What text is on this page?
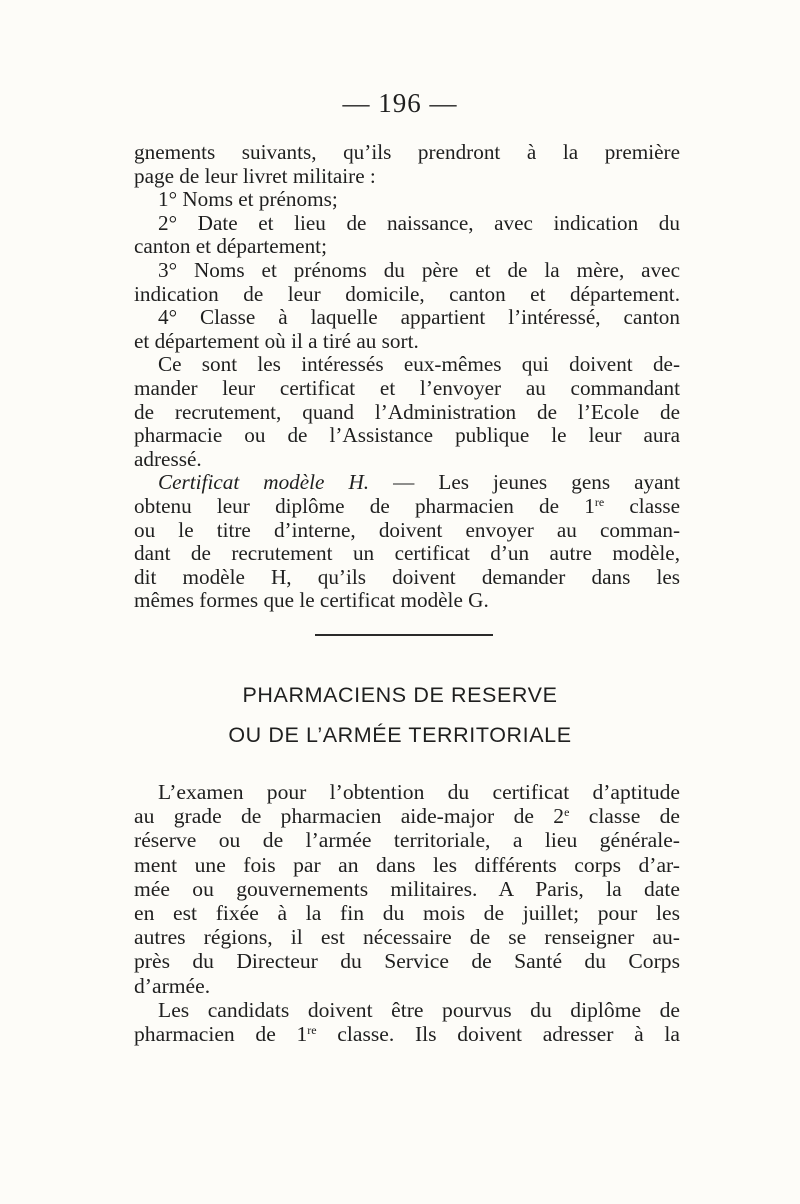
— 196 —

gnements suivants, qu’ils prendront à la première

page de leur livret militaire :

1° Noms et prénoms;

2° Date et lieu de naissance, avec indication du

canton et département;

3° Noms et prénoms du père et de la mère, avec

indication de leur domicile, canton et département.

4° Classe à laquelle appartient l’intéressé, canton

et département où il a tiré au sort.

Ce sont les intéressés eux-mêmes qui doivent de-

mander leur certificat et l’envoyer au commandant

de recrutement, quand l’Administration de l’Ecole de

pharmacie ou de l’Assistance publique le leur aura

adressé.

Certificat modèle H. — Les jeunes gens ayant

obtenu leur diplôme de pharmacien de 1re classe

ou le titre d’interne, doivent envoyer au comman-

dant de recrutement un certificat d’un autre modèle,

dit modèle H, qu’ils doivent demander dans les

mêmes formes que le certificat modèle G.

PHARMACIENS DE RESERVE
OU DE L’ARMÉE TERRITORIALE

L’examen pour l’obtention du certificat d’aptitude

au grade de pharmacien aide-major de 2e classe de

réserve ou de l’armée territoriale, a lieu générale-

ment une fois par an dans les différents corps d’ar-

mée ou gouvernements militaires. A Paris, la date

en est fixée à la fin du mois de juillet; pour les

autres régions, il est nécessaire de se renseigner au-

près du Directeur du Service de Santé du Corps

d’armée.

Les candidats doivent être pourvus du diplôme de

pharmacien de 1re classe. Ils doivent adresser à la
